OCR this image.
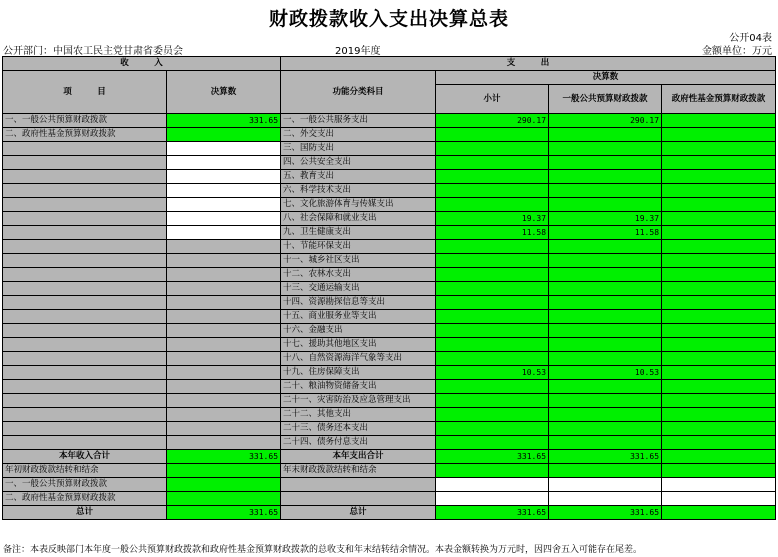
财政拨款收入支出决算总表
公开04表
公开部门：中国农工民主党甘肃省委员会	2019年度	金额单位：万元
收　　　入		支　　　出			
项　　　目	决算数	功能分类科目	决算数		
			小计	一般公共预算财政拨款	政府性基金预算财政拨款

一、一般公共预算财政拨款	331.65	一、一般公共服务支出	290.17	290.17	
二、政府性基金预算财政拨款		二、外交支出			
		三、国防支出			
		四、公共安全支出			
		五、教育支出			
		六、科学技术支出			
		七、文化旅游体育与传媒支出			
		八、社会保障和就业支出	19.37	19.37	
		九、卫生健康支出	11.58	11.58	
		十、节能环保支出			
		十一、城乡社区支出			
		十二、农林水支出			
		十三、交通运输支出			
		十四、资源勘探信息等支出			
		十五、商业服务业等支出			
		十六、金融支出			
		十七、援助其他地区支出			
		十八、自然资源海洋气象等支出			
		十九、住房保障支出	10.53	10.53	
		二十、粮油物资储备支出			
		二十一、灾害防治及应急管理支出			
		二十二、其他支出			
		二十三、债务还本支出			
		二十四、债务付息支出			
本年收入合计	331.65	本年支出合计	331.65	331.65	
年初财政拨款结转和结余		年末财政拨款结转和结余			
一、一般公共预算财政拨款					
二、政府性基金预算财政拨款					
总计	331.65	总计	331.65	331.65	
备注：本表反映部门本年度一般公共预算财政拨款和政府性基金预算财政拨款的总收支和年末结转结余情况。本表金额转换为万元时，因四舍五入可能存在尾差。
